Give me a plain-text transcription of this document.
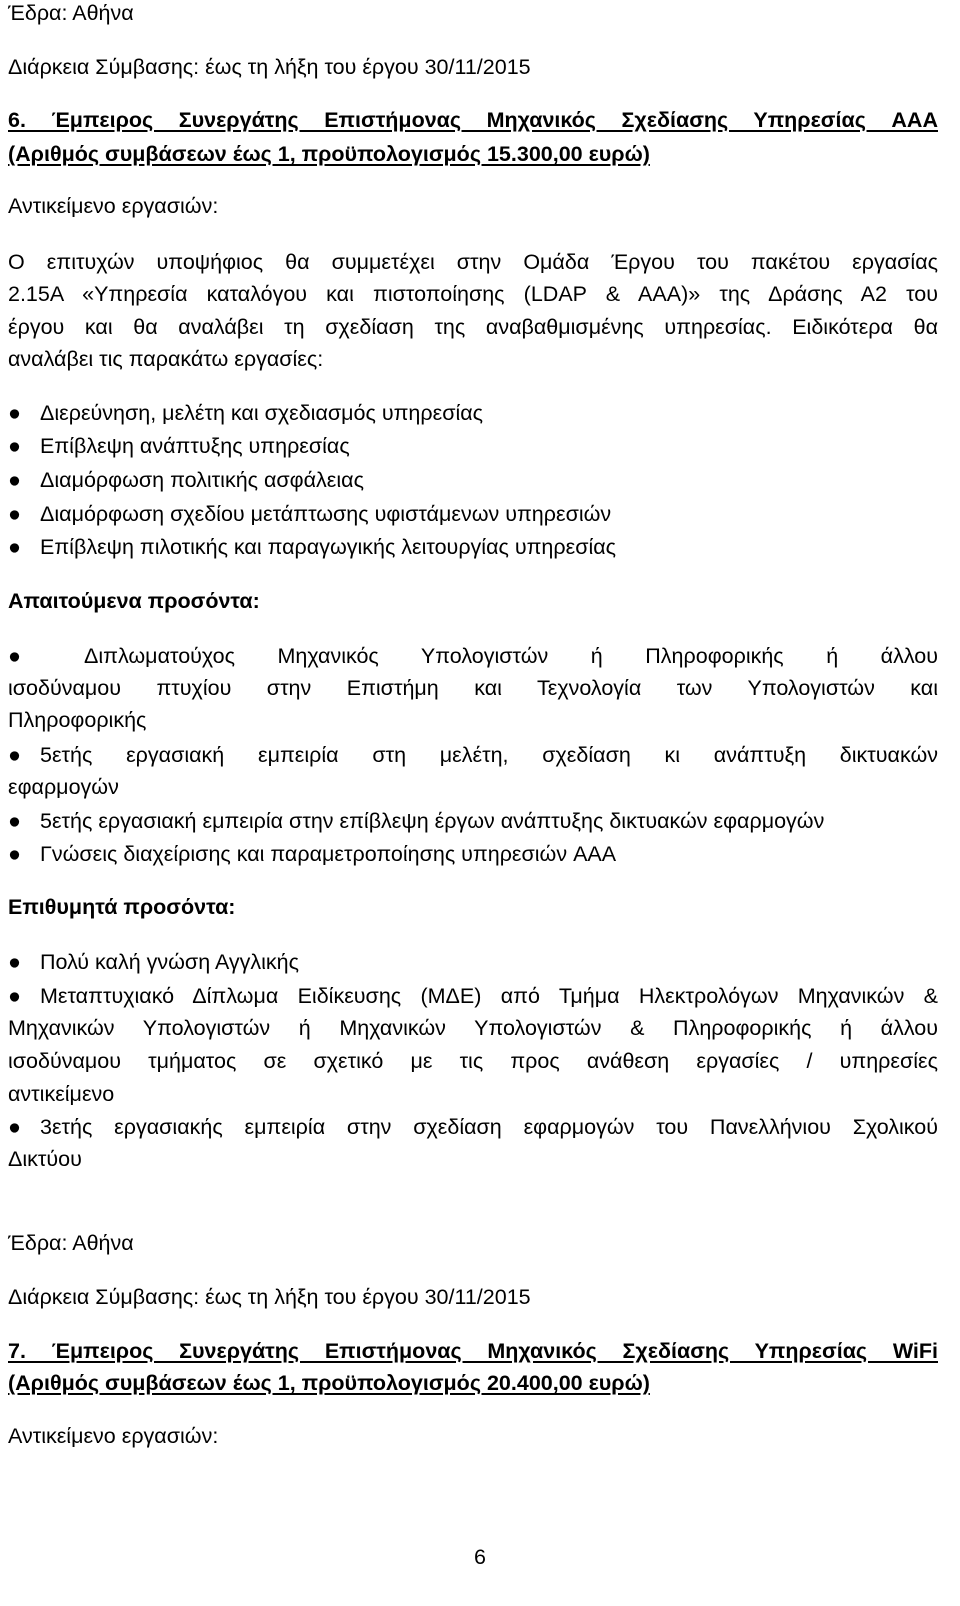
Έδρα: Αθήνα
Διάρκεια Σύμβασης: έως τη λήξη του έργου 30/11/2015
6. Έμπειρος Συνεργάτης Επιστήμονας Μηχανικός Σχεδίασης Υπηρεσίας AAA
(Αριθμός συμβάσεων έως 1, προϋπολογισμός 15.300,00 ευρώ)
Αντικείμενο εργασιών:
Ο επιτυχών υποψήφιος θα συμμετέχει στην Ομάδα Έργου του πακέτου εργασίας
2.15Α «Υπηρεσία καταλόγου και πιστοποίησης (LDAP & AAA)» της Δράσης Α2 του
έργου και θα αναλάβει τη σχεδίαση της αναβαθμισμένης υπηρεσίας. Ειδικότερα θα
αναλάβει τις παρακάτω εργασίες:
● Διερεύνηση, μελέτη και σχεδιασμός υπηρεσίας
● Επίβλεψη ανάπτυξης υπηρεσίας
● Διαμόρφωση πολιτικής ασφάλειας
● Διαμόρφωση σχεδίου μετάπτωσης υφιστάμενων υπηρεσιών
● Επίβλεψη πιλοτικής και παραγωγικής λειτουργίας υπηρεσίας
Απαιτούμενα προσόντα:
●	Διπλωματούχος Μηχανικός Υπολογιστών ή Πληροφορικής ή άλλου
ισοδύναμου πτυχίου στην Επιστήμη και Τεχνολογία των Υπολογιστών και
Πληροφορικής
● 5ετής εργασιακή εμπειρία στη μελέτη, σχεδίαση κι ανάπτυξη δικτυακών
εφαρμογών
● 5ετής εργασιακή εμπειρία στην επίβλεψη έργων ανάπτυξης δικτυακών εφαρμογών
● Γνώσεις διαχείρισης και παραμετροποίησης υπηρεσιών AAA
Επιθυμητά προσόντα:
● Πολύ καλή γνώση Αγγλικής
● Μεταπτυχιακό Δίπλωμα Ειδίκευσης (ΜΔΕ) από Τμήμα Ηλεκτρολόγων Μηχανικών &
Μηχανικών Υπολογιστών ή Μηχανικών Υπολογιστών & Πληροφορικής ή άλλου
ισοδύναμου τμήματος σε σχετικό με τις προς ανάθεση εργασίες / υπηρεσίες
αντικείμενο
● 3ετής εργασιακής εμπειρία στην σχεδίαση εφαρμογών του Πανελλήνιου Σχολικού
Δικτύου
Έδρα: Αθήνα
Διάρκεια Σύμβασης: έως τη λήξη του έργου 30/11/2015
7. Έμπειρος Συνεργάτης Επιστήμονας Μηχανικός Σχεδίασης Υπηρεσίας WiFi
(Αριθμός συμβάσεων έως 1, προϋπολογισμός 20.400,00 ευρώ)
Αντικείμενο εργασιών:
6
